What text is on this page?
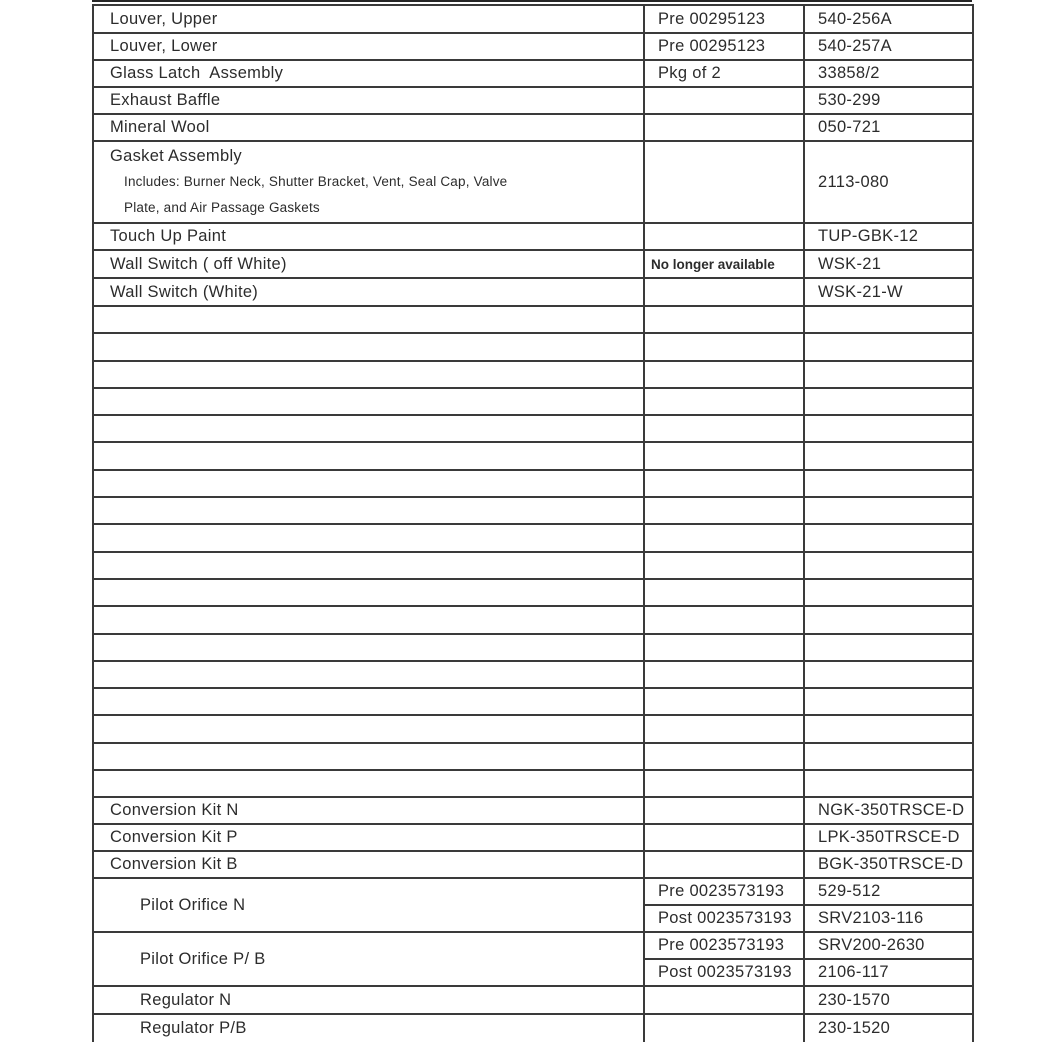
Louver, Upper	Pre 00295123	540-256A
Louver, Lower	Pre 00295123	540-257A
Glass Latch  Assembly	Pkg of 2	33858/2
Exhaust Baffle		530-299
Mineral Wool		050-721

Gasket Assembly
Includes: Burner Neck, Shutter Bracket, Vent, Seal Cap, Valve
Plate, and Air Passage Gaskets		2113-080
Touch Up Paint		TUP-GBK-12
Wall Switch ( off White)	No longer available	WSK-21
Wall Switch (White)		WSK-21-W

Conversion Kit N		NGK-350TRSCE-D
Conversion Kit P		LPK-350TRSCE-D
Conversion Kit B		BGK-350TRSCE-D
Pilot Orifice N	Pre 0023573193	529-512
	Post 0023573193	SRV2103-116
Pilot Orifice P/ B	Pre 0023573193	SRV200-2630
	Post 0023573193	2106-117
Regulator N		230-1570
Regulator P/B		230-1520
